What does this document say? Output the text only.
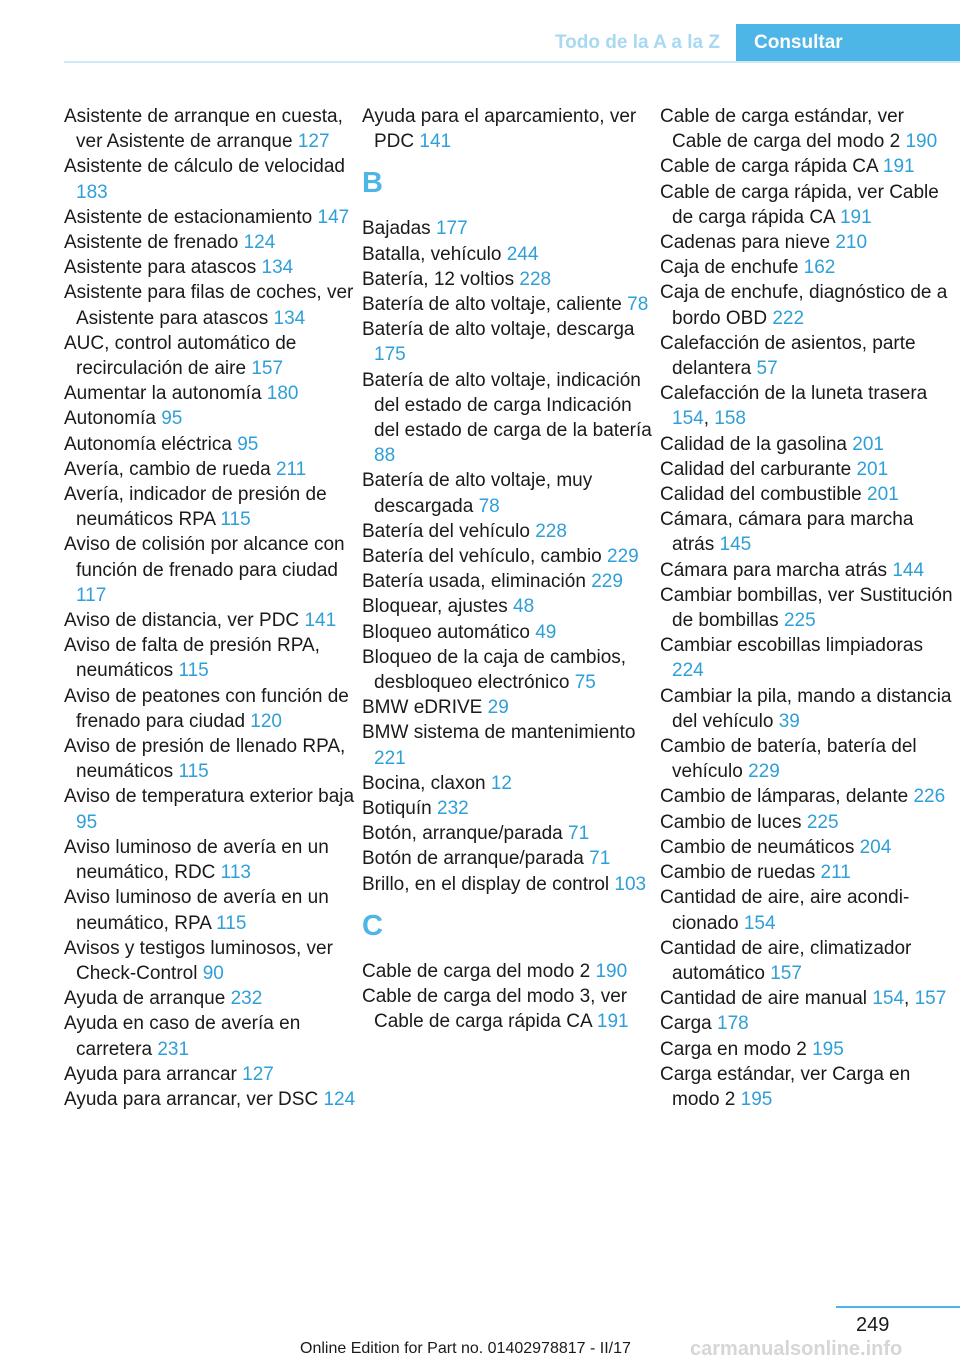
Todo de la A a la Z	Consultar
Asistente de arranque en cuesta, ver Asistente de arranque 127
Asistente de cálculo de velocidad 183
Asistente de estacionamiento 147
Asistente de frenado 124
Asistente para atascos 134
Asistente para filas de coches, ver Asistente para atascos 134
AUC, control automático de recirculación de aire 157
Aumentar la autonomía 180
Autonomía 95
Autonomía eléctrica 95
Avería, cambio de rueda 211
Avería, indicador de presión de neumáticos RPA 115
Aviso de colisión por alcance con función de frenado para ciudad 117
Aviso de distancia, ver PDC 141
Aviso de falta de presión RPA, neumáticos 115
Aviso de peatones con función de frenado para ciudad 120
Aviso de presión de llenado RPA, neumáticos 115
Aviso de temperatura exterior baja 95
Aviso luminoso de avería en un neumático, RDC 113
Aviso luminoso de avería en un neumático, RPA 115
Avisos y testigos luminosos, ver Check-Control 90
Ayuda de arranque 232
Ayuda en caso de avería en carretera 231
Ayuda para arrancar 127
Ayuda para arrancar, ver DSC 124
Ayuda para el aparcamiento, ver PDC 141
B
Bajadas 177
Batalla, vehículo 244
Batería, 12 voltios 228
Batería de alto voltaje, caliente 78
Batería de alto voltaje, descarga 175
Batería de alto voltaje, indicación del estado de carga Indicación del estado de carga de la batería 88
Batería de alto voltaje, muy descargada 78
Batería del vehículo 228
Batería del vehículo, cambio 229
Batería usada, eliminación 229
Bloquear, ajustes 48
Bloqueo automático 49
Bloqueo de la caja de cambios, desbloqueo electrónico 75
BMW eDRIVE 29
BMW sistema de mantenimiento 221
Bocina, claxon 12
Botiquín 232
Botón, arranque/parada 71
Botón de arranque/parada 71
Brillo, en el display de control 103
C
Cable de carga del modo 2 190
Cable de carga del modo 3, ver Cable de carga rápida CA 191
Cable de carga estándar, ver Cable de carga del modo 2 190
Cable de carga rápida CA 191
Cable de carga rápida, ver Cable de carga rápida CA 191
Cadenas para nieve 210
Caja de enchufe 162
Caja de enchufe, diagnóstico de a bordo OBD 222
Calefacción de asientos, parte delantera 57
Calefacción de la luneta trasera 154, 158
Calidad de la gasolina 201
Calidad del carburante 201
Calidad del combustible 201
Cámara, cámara para marcha atrás 145
Cámara para marcha atrás 144
Cambiar bombillas, ver Sustitución de bombillas 225
Cambiar escobillas limpiadoras 224
Cambiar la pila, mando a distancia del vehículo 39
Cambio de batería, batería del vehículo 229
Cambio de lámparas, delante 226
Cambio de luces 225
Cambio de neumáticos 204
Cambio de ruedas 211
Cantidad de aire, aire acondicionado 154
Cantidad de aire, climatizador automático 157
Cantidad de aire manual 154, 157
Carga 178
Carga en modo 2 195
Carga estándar, ver Carga en modo 2 195
249
Online Edition for Part no. 01402978817 - II/17	carmanualsonline.info
